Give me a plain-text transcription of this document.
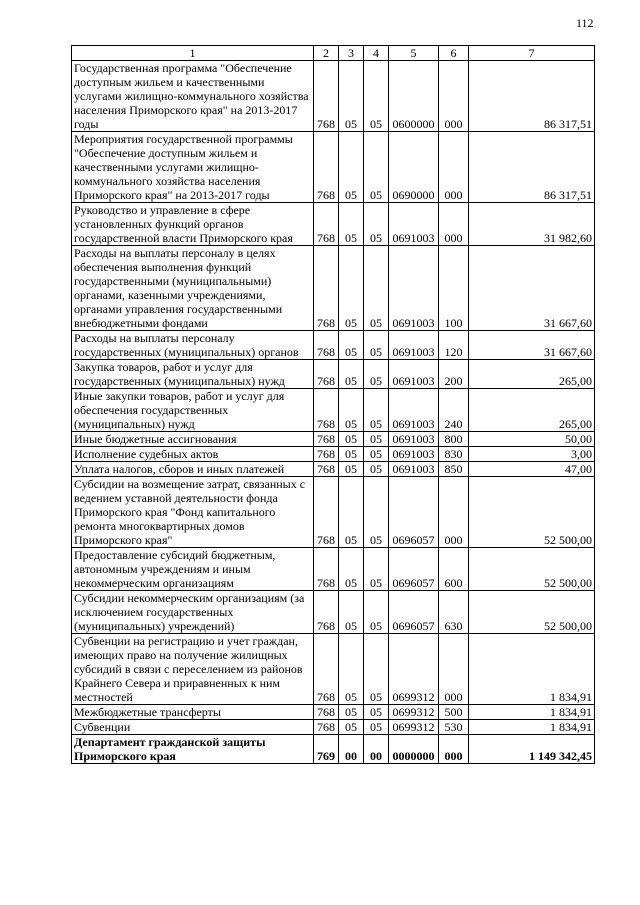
112
1	2	3	4	5	6	7
Государственная программа "Обеспечение доступным жильем и качественными услугами жилищно-коммунального хозяйства населения Приморского края" на 2013-2017 годы	768	05	05	0600000	000	86 317,51
Мероприятия государственной программы "Обеспечение доступным жильем и качественными услугами жилищно-коммунального хозяйства населения Приморского края" на 2013-2017 годы	768	05	05	0690000	000	86 317,51
Руководство и управление в сфере установленных функций органов государственной власти Приморского края	768	05	05	0691003	000	31 982,60
Расходы на выплаты персоналу в целях обеспечения выполнения функций государственными (муниципальными) органами, казенными учреждениями, органами управления государственными внебюджетными фондами	768	05	05	0691003	100	31 667,60
Расходы на выплаты персоналу государственных (муниципальных) органов	768	05	05	0691003	120	31 667,60
Закупка товаров, работ и услуг для государственных (муниципальных) нужд	768	05	05	0691003	200	265,00
Иные закупки товаров, работ и услуг для обеспечения государственных (муниципальных) нужд	768	05	05	0691003	240	265,00
Иные бюджетные ассигнования	768	05	05	0691003	800	50,00
Исполнение судебных актов	768	05	05	0691003	830	3,00
Уплата налогов, сборов и иных платежей	768	05	05	0691003	850	47,00
Субсидии на возмещение затрат, связанных с ведением уставной деятельности фонда Приморского края "Фонд капитального ремонта многоквартирных домов Приморского края"	768	05	05	0696057	000	52 500,00
Предоставление субсидий бюджетным, автономным учреждениям и иным некоммерческим организациям	768	05	05	0696057	600	52 500,00
Субсидии некоммерческим организациям (за исключением государственных (муниципальных) учреждений)	768	05	05	0696057	630	52 500,00
Субвенции на регистрацию и учет граждан, имеющих право на получение жилищных субсидий в связи с переселением из районов Крайнего Севера и приравненных к ним местностей	768	05	05	0699312	000	1 834,91
Межбюджетные трансферты	768	05	05	0699312	500	1 834,91
Субвенции	768	05	05	0699312	530	1 834,91
Департамент гражданской защиты Приморского края	769	00	00	0000000	000	1 149 342,45
